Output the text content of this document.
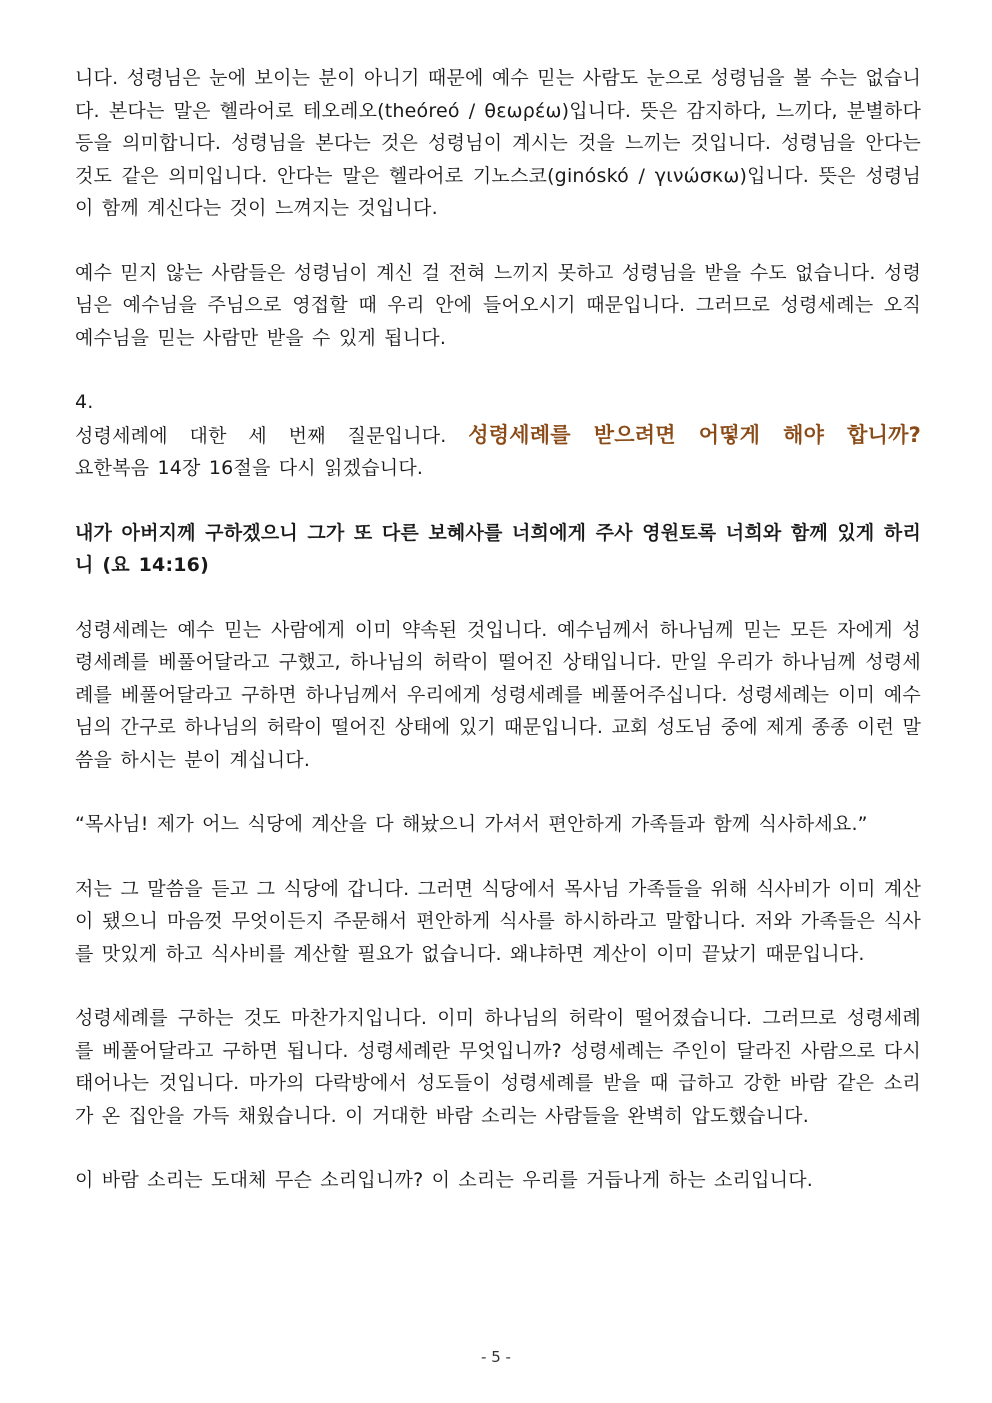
니다. 성령님은 눈에 보이는 분이 아니기 때문에 예수 믿는 사람도 눈으로 성령님을 볼 수는 없습니다. 본다는 말은 헬라어로 테오레오(theóreó / θεωρέω)입니다. 뜻은 감지하다, 느끼다, 분별하다 등을 의미합니다. 성령님을 본다는 것은 성령님이 계시는 것을 느끼는 것입니다. 성령님을 안다는 것도 같은 의미입니다. 안다는 말은 헬라어로 기노스코(ginóskó / γινώσκω)입니다. 뜻은 성령님이 함께 계신다는 것이 느껴지는 것입니다.

예수 믿지 않는 사람들은 성령님이 계신 걸 전혀 느끼지 못하고 성령님을 받을 수도 없습니다. 성령님은 예수님을 주님으로 영접할 때 우리 안에 들어오시기 때문입니다. 그러므로 성령세례는 오직 예수님을 믿는 사람만 받을 수 있게 됩니다.

4.

성령세례에 대한 세 번째 질문입니다. 성령세례를 받으려면 어떻게 해야 합니까?

요한복음 14장 16절을 다시 읽겠습니다.

내가 아버지께 구하겠으니 그가 또 다른 보혜사를 너희에게 주사 영원토록 너희와 함께 있게 하리니 (요 14:16)

성령세례는 예수 믿는 사람에게 이미 약속된 것입니다. 예수님께서 하나님께 믿는 모든 자에게 성령세례를 베풀어달라고 구했고, 하나님의 허락이 떨어진 상태입니다. 만일 우리가 하나님께 성령세례를 베풀어달라고 구하면 하나님께서 우리에게 성령세례를 베풀어주십니다. 성령세례는 이미 예수님의 간구로 하나님의 허락이 떨어진 상태에 있기 때문입니다. 교회 성도님 중에 제게 종종 이런 말씀을 하시는 분이 계십니다.

“목사님! 제가 어느 식당에 계산을 다 해놨으니 가셔서 편안하게 가족들과 함께 식사하세요.”

저는 그 말씀을 듣고 그 식당에 갑니다. 그러면 식당에서 목사님 가족들을 위해 식사비가 이미 계산이 됐으니 마음껏 무엇이든지 주문해서 편안하게 식사를 하시하라고 말합니다. 저와 가족들은 식사를 맛있게 하고 식사비를 계산할 필요가 없습니다. 왜냐하면 계산이 이미 끝났기 때문입니다.

성령세례를 구하는 것도 마찬가지입니다. 이미 하나님의 허락이 떨어졌습니다. 그러므로 성령세례를 베풀어달라고 구하면 됩니다. 성령세례란 무엇입니까? 성령세례는 주인이 달라진 사람으로 다시 태어나는 것입니다. 마가의 다락방에서 성도들이 성령세례를 받을 때 급하고 강한 바람 같은 소리가 온 집안을 가득 채웠습니다. 이 거대한 바람 소리는 사람들을 완벽히 압도했습니다.

이 바람 소리는 도대체 무슨 소리입니까? 이 소리는 우리를 거듭나게 하는 소리입니다.

- 5 -
